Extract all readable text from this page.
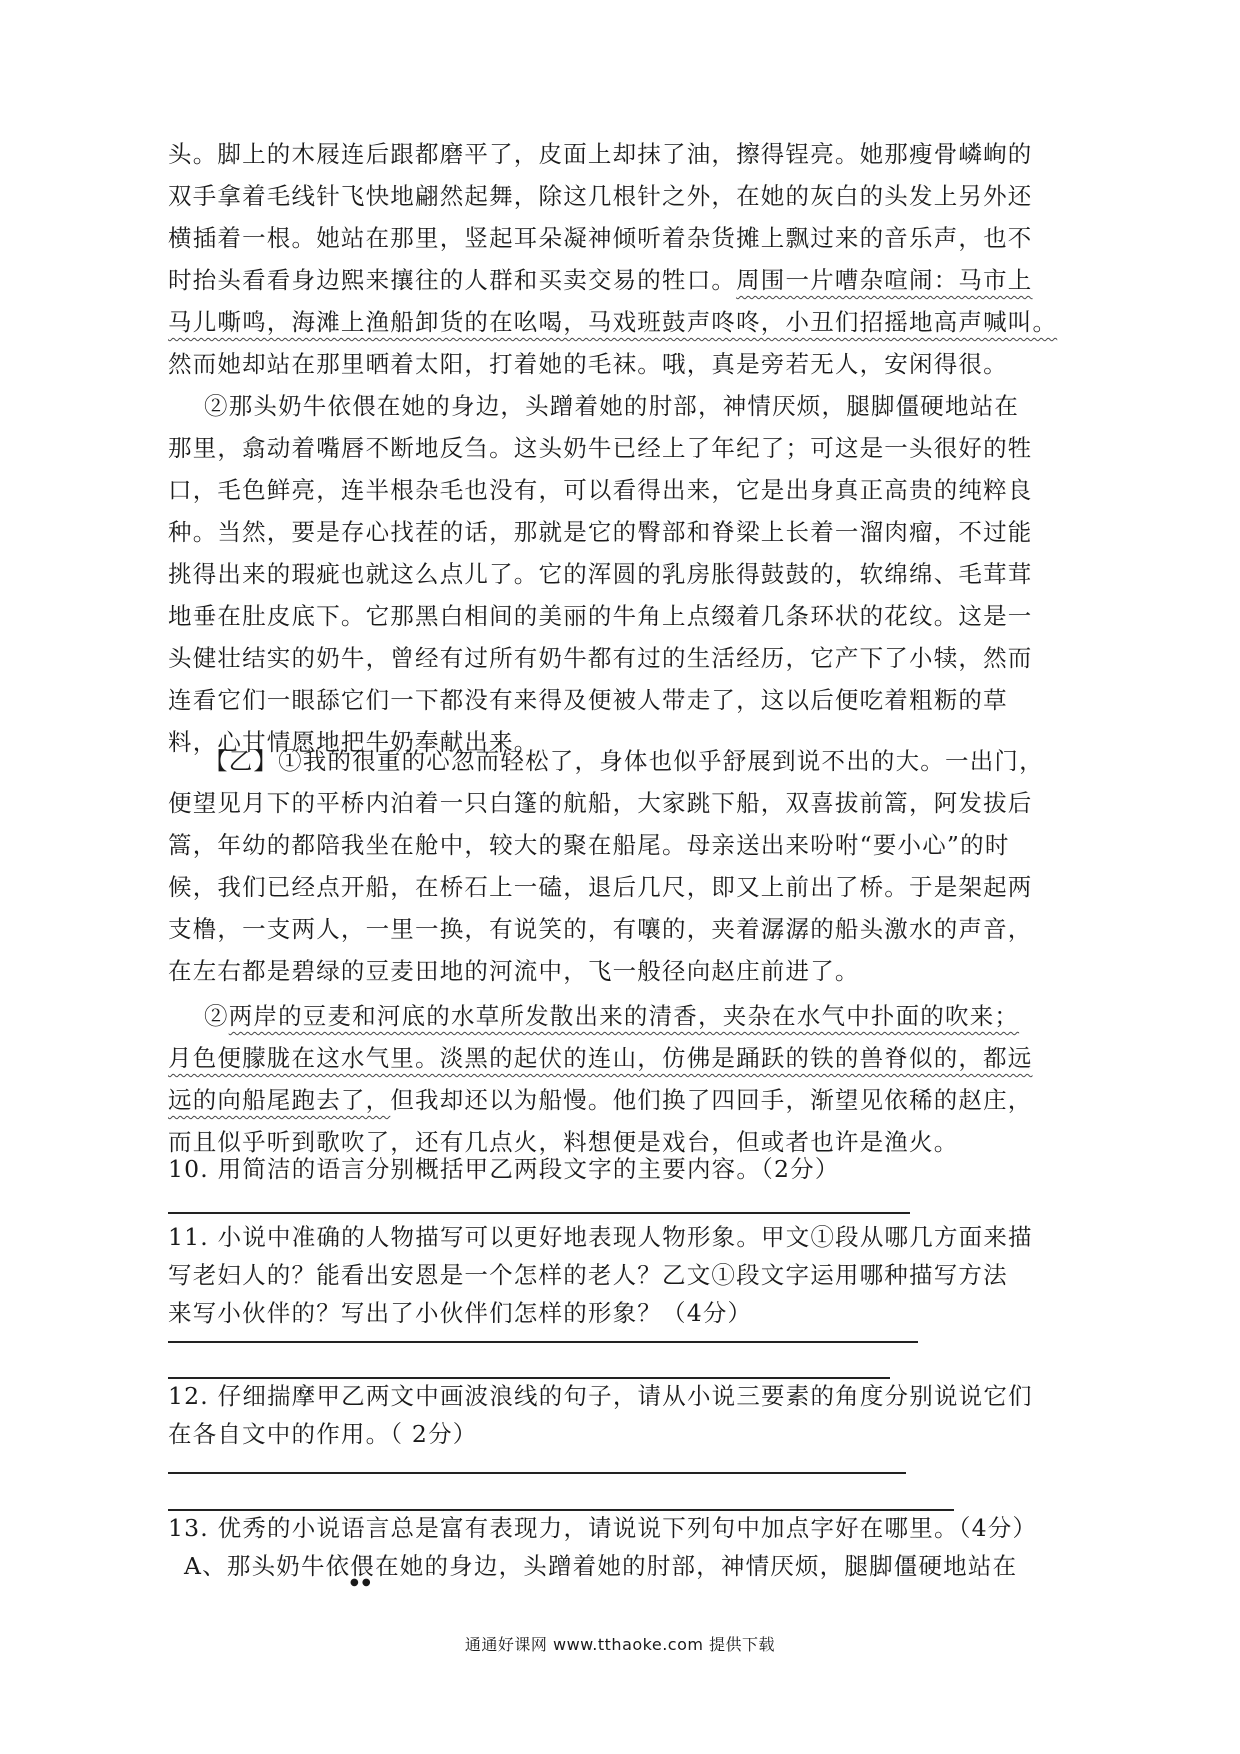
头。脚上的木屐连后跟都磨平了，皮面上却抹了油，擦得锃亮。她那瘦骨嶙峋的
双手拿着毛线针飞快地翩然起舞，除这几根针之外，在她的灰白的头发上另外还
横插着一根。她站在那里，竖起耳朵凝神倾听着杂货摊上飘过来的音乐声，也不
时抬头看看身边熙来攘往的人群和买卖交易的牲口。周围一片嘈杂喧闹：马市上
马儿嘶鸣，海滩上渔船卸货的在吆喝，马戏班鼓声咚咚，小丑们招摇地高声喊叫。
然而她却站在那里晒着太阳，打着她的毛袜。哦，真是旁若无人，安闲得很。
②那头奶牛依偎在她的身边，头蹭着她的肘部，神情厌烦，腿脚僵硬地站在
那里，翕动着嘴唇不断地反刍。这头奶牛已经上了年纪了；可这是一头很好的牲
口，毛色鲜亮，连半根杂毛也没有，可以看得出来，它是出身真正高贵的纯粹良
种。当然，要是存心找茬的话，那就是它的臀部和脊梁上长着一溜肉瘤，不过能
挑得出来的瑕疵也就这么点儿了。它的浑圆的乳房胀得鼓鼓的，软绵绵、毛茸茸
地垂在肚皮底下。它那黑白相间的美丽的牛角上点缀着几条环状的花纹。这是一
头健壮结实的奶牛，曾经有过所有奶牛都有过的生活经历，它产下了小犊，然而
连看它们一眼舔它们一下都没有来得及便被人带走了，这以后便吃着粗粝的草
料，心甘情愿地把牛奶奉献出来。
【乙】①我的很重的心忽而轻松了，身体也似乎舒展到说不出的大。一出门，
便望见月下的平桥内泊着一只白篷的航船，大家跳下船，双喜拔前篙，阿发拔后
篙，年幼的都陪我坐在舱中，较大的聚在船尾。母亲送出来吩咐“要小心”的时
候，我们已经点开船，在桥石上一磕，退后几尺，即又上前出了桥。于是架起两
支橹，一支两人，一里一换，有说笑的，有嚷的，夹着潺潺的船头激水的声音，
在左右都是碧绿的豆麦田地的河流中，飞一般径向赵庄前进了。
②两岸的豆麦和河底的水草所发散出来的清香，夹杂在水气中扑面的吹来；
月色便朦胧在这水气里。淡黑的起伏的连山，仿佛是踊跃的铁的兽脊似的，都远
远的向船尾跑去了，但我却还以为船慢。他们换了四回手，渐望见依稀的赵庄，
而且似乎听到歌吹了，还有几点火，料想便是戏台，但或者也许是渔火。
10. 用简洁的语言分别概括甲乙两段文字的主要内容。（2分）
11. 小说中准确的人物描写可以更好地表现人物形象。甲文①段从哪几方面来描
写老妇人的？能看出安恩是一个怎样的老人？乙文①段文字运用哪种描写方法
来写小伙伴的？写出了小伙伴们怎样的形象？（4分）
12. 仔细揣摩甲乙两文中画波浪线的句子，请从小说三要素的角度分别说说它们
在各自文中的作用。（ 2分）
13. 优秀的小说语言总是富有表现力，请说说下列句中加点字好在哪里。（4分）
A、那头奶牛依偎在她的身边，头蹭着她的肘部，神情厌烦，腿脚僵硬地站在
● ●
通通好课网 www.tthaoke.com 提供下载
